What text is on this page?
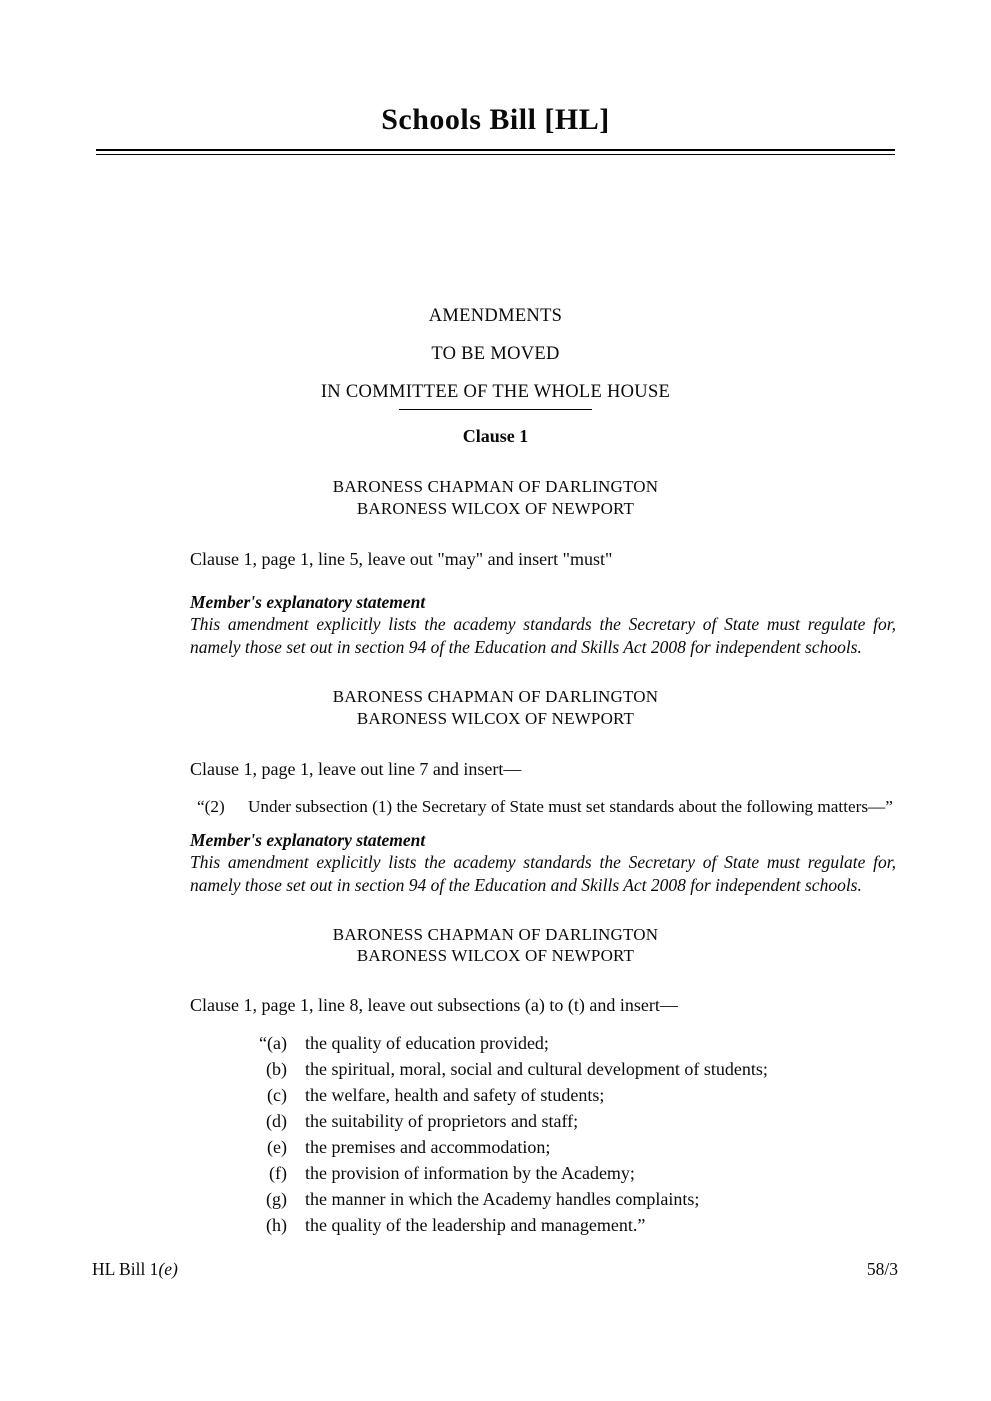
Schools Bill [HL]
AMENDMENTS
TO BE MOVED
IN COMMITTEE OF THE WHOLE HOUSE
Clause 1
BARONESS CHAPMAN OF DARLINGTON
BARONESS WILCOX OF NEWPORT
Clause 1, page 1, line 5, leave out "may" and insert "must"
Member's explanatory statement
This amendment explicitly lists the academy standards the Secretary of State must regulate for, namely those set out in section 94 of the Education and Skills Act 2008 for independent schools.
BARONESS CHAPMAN OF DARLINGTON
BARONESS WILCOX OF NEWPORT
Clause 1, page 1, leave out line 7 and insert—
“(2)	Under subsection (1) the Secretary of State must set standards about the following matters—”
Member's explanatory statement
This amendment explicitly lists the academy standards the Secretary of State must regulate for, namely those set out in section 94 of the Education and Skills Act 2008 for independent schools.
BARONESS CHAPMAN OF DARLINGTON
BARONESS WILCOX OF NEWPORT
Clause 1, page 1, line 8, leave out subsections (a) to (t) and insert—
“(a)	the quality of education provided;
(b)	the spiritual, moral, social and cultural development of students;
(c)	the welfare, health and safety of students;
(d)	the suitability of proprietors and staff;
(e)	the premises and accommodation;
(f)	the provision of information by the Academy;
(g)	the manner in which the Academy handles complaints;
(h)	the quality of the leadership and management.”
HL Bill 1(e)	58/3
